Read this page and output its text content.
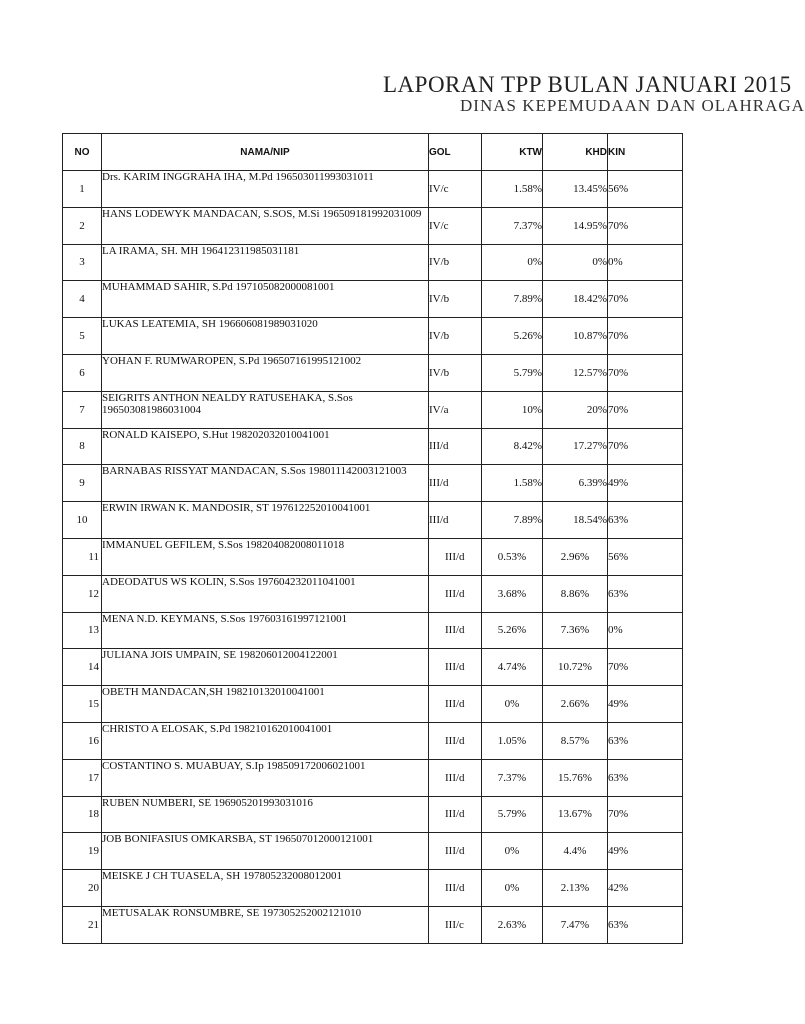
LAPORAN TPP BULAN JANUARI 2015
DINAS KEPEMUDAAN DAN OLAHRAGA
NO	NAMA/NIP	GOL	KTW	KHD	KIN
1	Drs. KARIM INGGRAHA IHA, M.Pd 196503011993031011	IV/c	1.58%	13.45%	56%
2	HANS LODEWYK MANDACAN, S.SOS, M.Si 196509181992031009	IV/c	7.37%	14.95%	70%
3	LA IRAMA, SH. MH 196412311985031181	IV/b	0%	0%	0%
4	MUHAMMAD SAHIR, S.Pd 197105082000081001	IV/b	7.89%	18.42%	70%
5	LUKAS LEATEMIA, SH 196606081989031020	IV/b	5.26%	10.87%	70%
6	YOHAN F. RUMWAROPEN, S.Pd 196507161995121002	IV/b	5.79%	12.57%	70%
7	SEIGRITS ANTHON NEALDY RATUSEHAKA, S.Sos 196503081986031004	IV/a	10%	20%	70%
8	RONALD KAISEPO, S.Hut 198202032010041001	III/d	8.42%	17.27%	70%
9	BARNABAS RISSYAT MANDACAN, S.Sos 198011142003121003	III/d	1.58%	6.39%	49%
10	ERWIN IRWAN K. MANDOSIR, ST 197612252010041001	III/d	7.89%	18.54%	63%
11	IMMANUEL GEFILEM, S.Sos 198204082008011018	III/d	0.53%	2.96%	56%
12	ADEODATUS WS KOLIN, S.Sos 197604232011041001	III/d	3.68%	8.86%	63%
13	MENA N.D. KEYMANS, S.Sos 197603161997121001	III/d	5.26%	7.36%	0%
14	JULIANA JOIS UMPAIN, SE 198206012004122001	III/d	4.74%	10.72%	70%
15	OBETH MANDACAN,SH 198210132010041001	III/d	0%	2.66%	49%
16	CHRISTO A ELOSAK, S.Pd 198210162010041001	III/d	1.05%	8.57%	63%
17	COSTANTINO S. MUABUAY, S.Ip 198509172006021001	III/d	7.37%	15.76%	63%
18	RUBEN NUMBERI, SE 196905201993031016	III/d	5.79%	13.67%	70%
19	JOB BONIFASIUS OMKARSBA, ST 196507012000121001	III/d	0%	4.4%	49%
20	MEISKE J CH TUASELA, SH 197805232008012001	III/d	0%	2.13%	42%
21	METUSALAK RONSUMBRE, SE 197305252002121010	III/c	2.63%	7.47%	63%
